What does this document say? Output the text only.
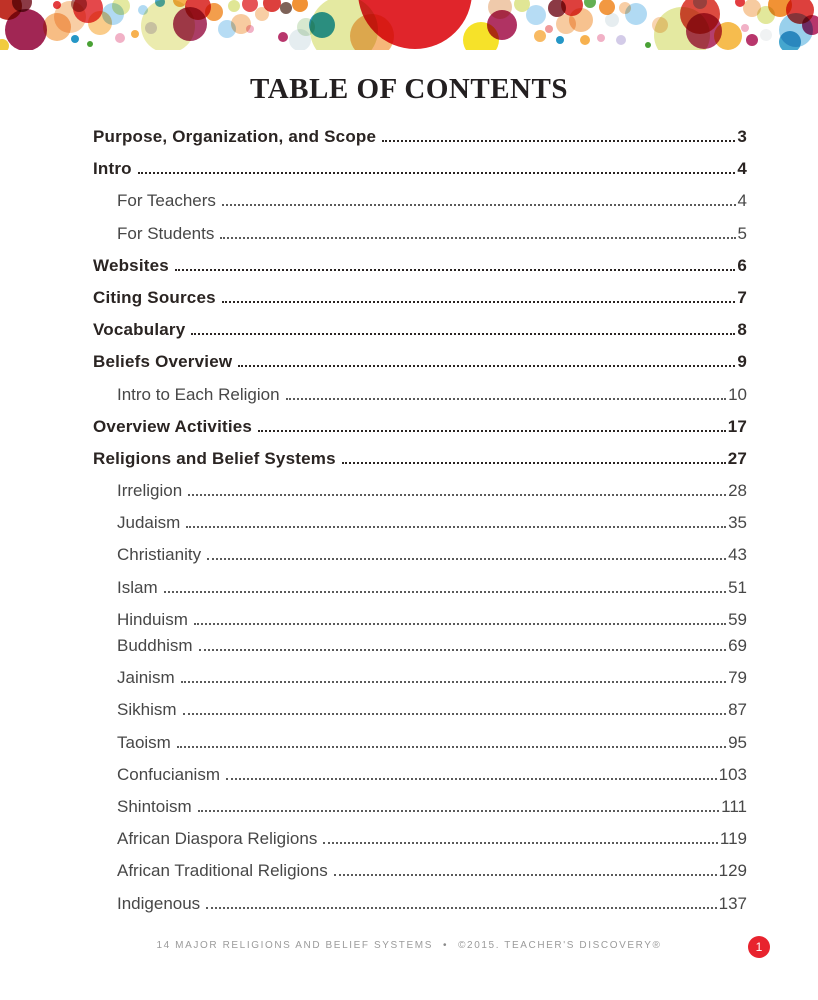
TABLE OF CONTENTS
Purpose, Organization, and Scope	3
Intro	4
For Teachers	4
For Students	5
Websites	6
Citing Sources	7
Vocabulary	8
Beliefs Overview	9
Intro to Each Religion	10
Overview Activities	17
Religions and Belief Systems	27
Irreligion	28
Judaism	35
Christianity	43
Islam	51
Hinduism	59
Buddhism	69
Jainism	79
Sikhism	87
Taoism	95
Confucianism	103
Shintoism	111
African Diaspora Religions	119
African Traditional Religions	129
Indigenous	137
14 MAJOR RELIGIONS AND BELIEF SYSTEMS • ©2015. TEACHER'S DISCOVERY®	1
